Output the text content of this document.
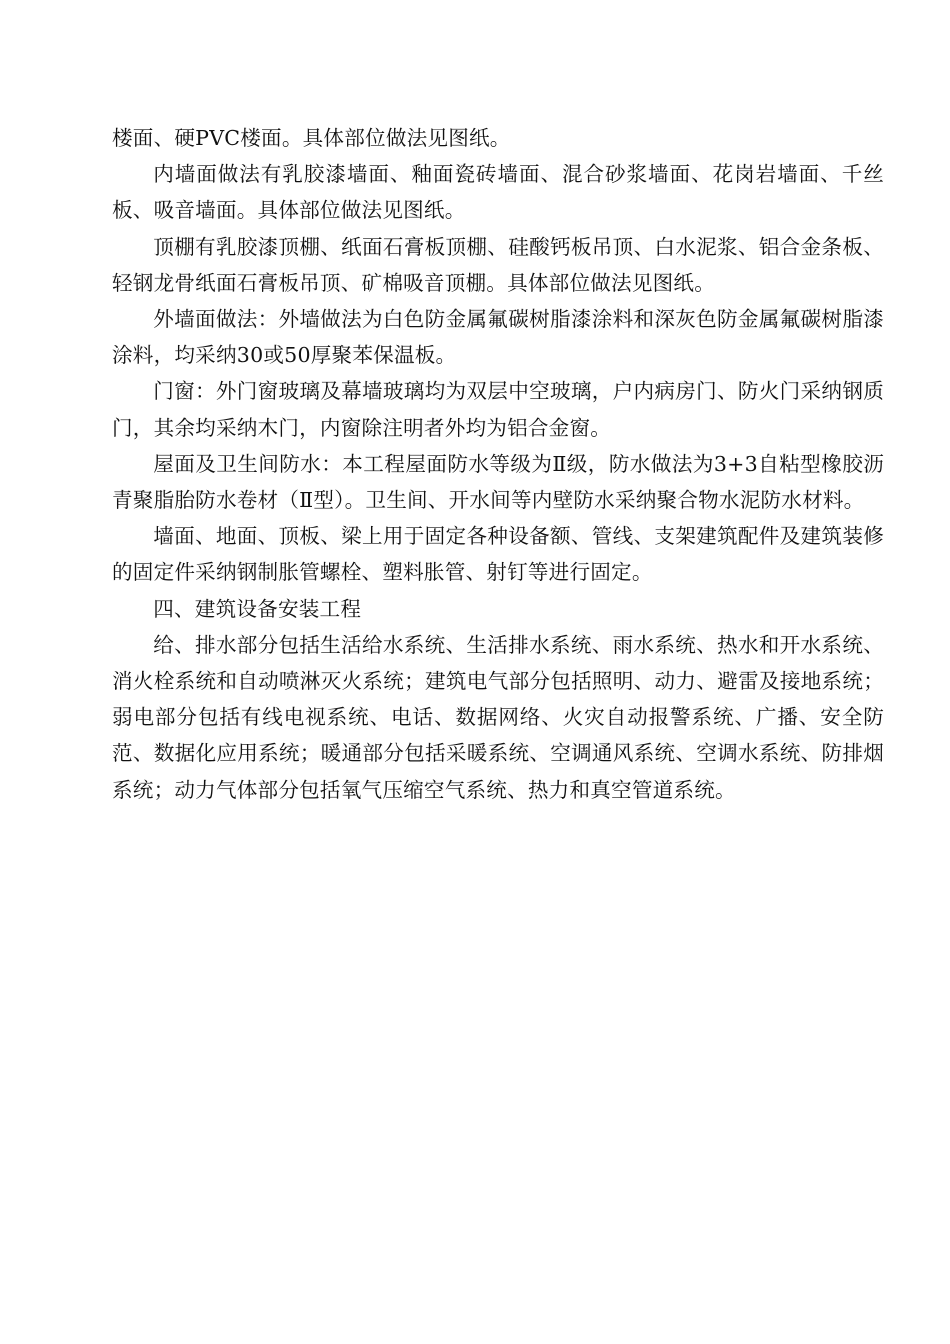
楼面、硬PVC楼面。具体部位做法见图纸。

内墙面做法有乳胶漆墙面、釉面瓷砖墙面、混合砂浆墙面、花岗岩墙面、千丝板、吸音墙面。具体部位做法见图纸。

顶棚有乳胶漆顶棚、纸面石膏板顶棚、硅酸钙板吊顶、白水泥浆、铝合金条板、轻钢龙骨纸面石膏板吊顶、矿棉吸音顶棚。具体部位做法见图纸。

外墙面做法：外墙做法为白色防金属氟碳树脂漆涂料和深灰色防金属氟碳树脂漆涂料，均采纳30或50厚聚苯保温板。

门窗：外门窗玻璃及幕墙玻璃均为双层中空玻璃，户内病房门、防火门采纳钢质门，其余均采纳木门，内窗除注明者外均为铝合金窗。

屋面及卫生间防水：本工程屋面防水等级为Ⅱ级，防水做法为3+3自粘型橡胶沥青聚脂胎防水卷材（Ⅱ型）。卫生间、开水间等内壁防水采纳聚合物水泥防水材料。

墙面、地面、顶板、梁上用于固定各种设备额、管线、支架建筑配件及建筑装修的固定件采纳钢制胀管螺栓、塑料胀管、射钉等进行固定。

四、建筑设备安装工程

给、排水部分包括生活给水系统、生活排水系统、雨水系统、热水和开水系统、消火栓系统和自动喷淋灭火系统；建筑电气部分包括照明、动力、避雷及接地系统；弱电部分包括有线电视系统、电话、数据网络、火灾自动报警系统、广播、安全防范、数据化应用系统；暖通部分包括采暖系统、空调通风系统、空调水系统、防排烟系统；动力气体部分包括氧气压缩空气系统、热力和真空管道系统。
